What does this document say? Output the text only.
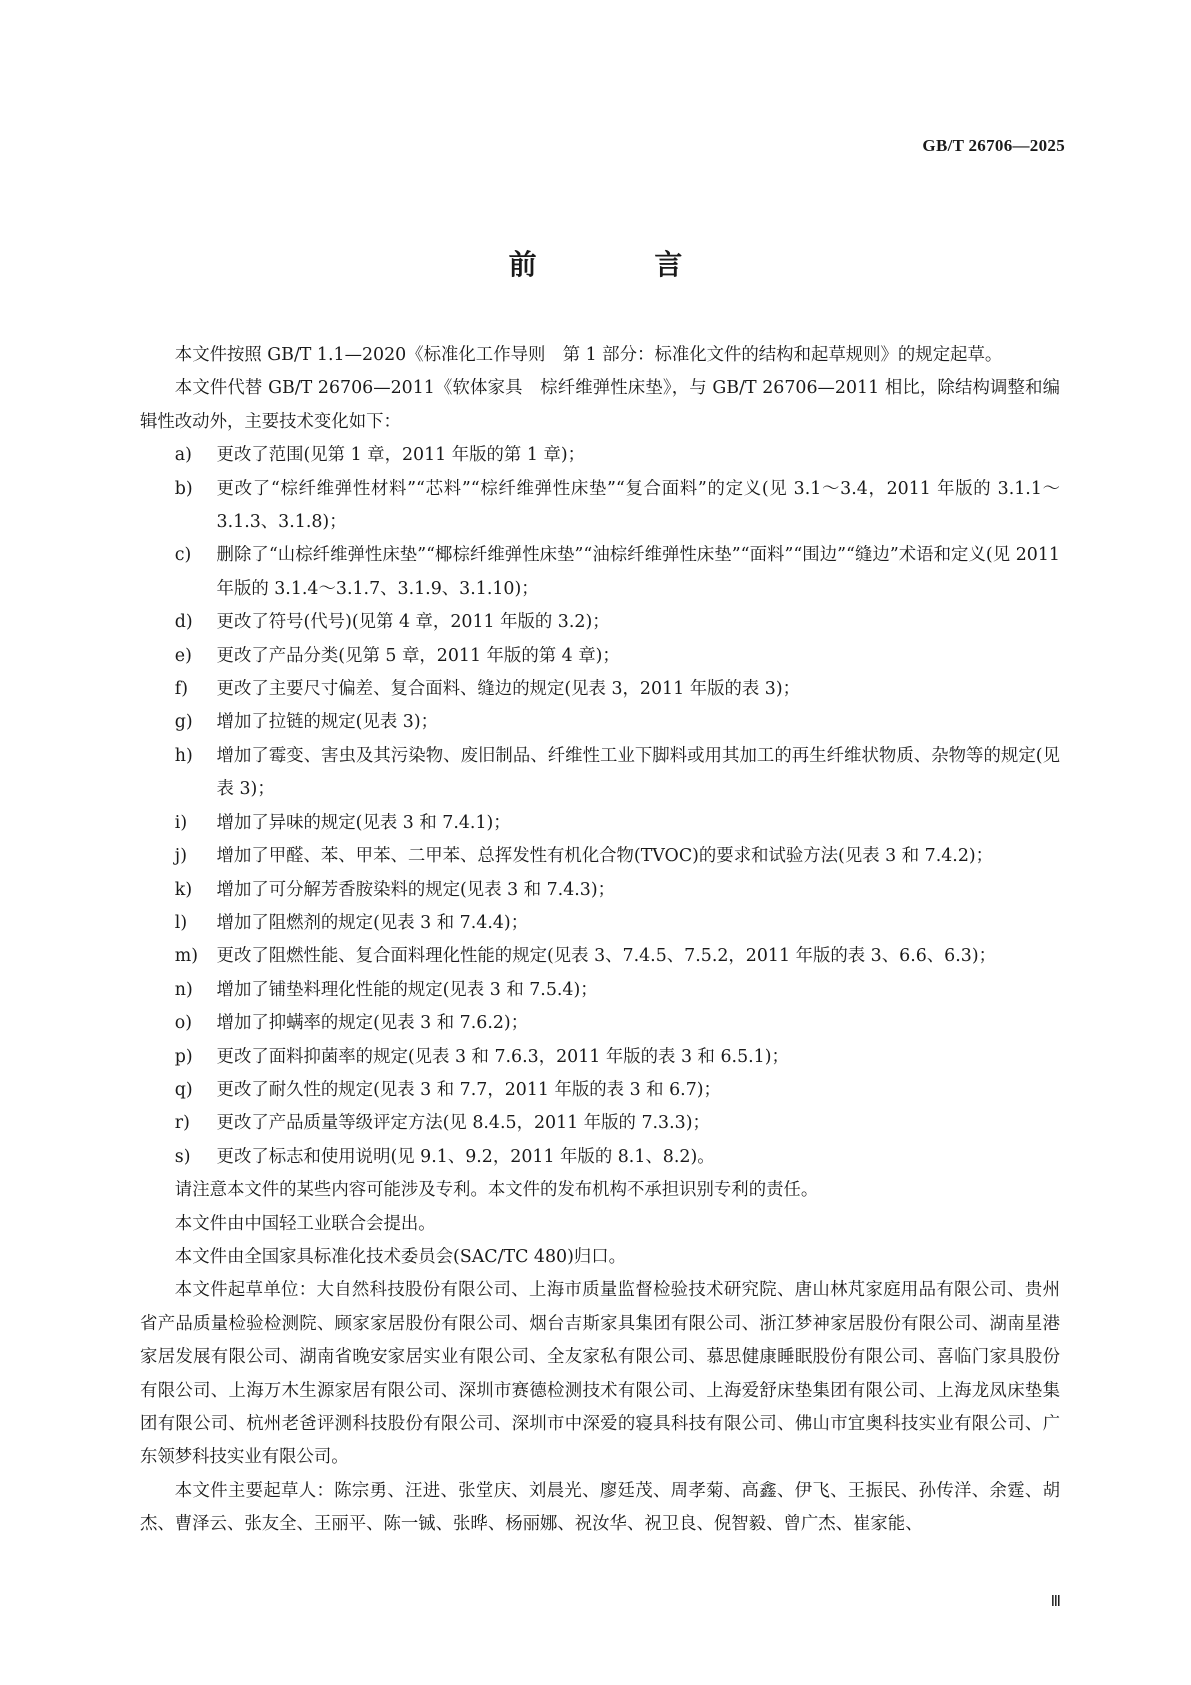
GB/T 26706—2025
前 言

本文件按照 GB/T 1.1—2020《标准化工作导则　第 1 部分：标准化文件的结构和起草规则》的规定起草。

本文件代替 GB/T 26706—2011《软体家具　棕纤维弹性床垫》，与 GB/T 26706—2011 相比，除结构调整和编辑性改动外，主要技术变化如下：

a)	更改了范围(见第 1 章，2011 年版的第 1 章)；
b)	更改了“棕纤维弹性材料”“芯料”“棕纤维弹性床垫”“复合面料”的定义(见 3.1～3.4，2011 年版的 3.1.1～3.1.3、3.1.8)；
c)	删除了“山棕纤维弹性床垫”“椰棕纤维弹性床垫”“油棕纤维弹性床垫”“面料”“围边”“缝边”术语和定义(见 2011 年版的 3.1.4～3.1.7、3.1.9、3.1.10)；
d)	更改了符号(代号)(见第 4 章，2011 年版的 3.2)；
e)	更改了产品分类(见第 5 章，2011 年版的第 4 章)；
f)	更改了主要尺寸偏差、复合面料、缝边的规定(见表 3，2011 年版的表 3)；
g)	增加了拉链的规定(见表 3)；
h)	增加了霉变、害虫及其污染物、废旧制品、纤维性工业下脚料或用其加工的再生纤维状物质、杂物等的规定(见表 3)；
i)	增加了异味的规定(见表 3 和 7.4.1)；
j)	增加了甲醛、苯、甲苯、二甲苯、总挥发性有机化合物(TVOC)的要求和试验方法(见表 3 和 7.4.2)；
k)	增加了可分解芳香胺染料的规定(见表 3 和 7.4.3)；
l)	增加了阻燃剂的规定(见表 3 和 7.4.4)；
m)	更改了阻燃性能、复合面料理化性能的规定(见表 3、7.4.5、7.5.2，2011 年版的表 3、6.6、6.3)；
n)	增加了铺垫料理化性能的规定(见表 3 和 7.5.4)；
o)	增加了抑螨率的规定(见表 3 和 7.6.2)；
p)	更改了面料抑菌率的规定(见表 3 和 7.6.3，2011 年版的表 3 和 6.5.1)；
q)	更改了耐久性的规定(见表 3 和 7.7，2011 年版的表 3 和 6.7)；
r)	更改了产品质量等级评定方法(见 8.4.5，2011 年版的 7.3.3)；
s)	更改了标志和使用说明(见 9.1、9.2，2011 年版的 8.1、8.2)。

请注意本文件的某些内容可能涉及专利。本文件的发布机构不承担识别专利的责任。

本文件由中国轻工业联合会提出。

本文件由全国家具标准化技术委员会(SAC/TC 480)归口。

本文件起草单位：大自然科技股份有限公司、上海市质量监督检验技术研究院、唐山林芃家庭用品有限公司、贵州省产品质量检验检测院、顾家家居股份有限公司、烟台吉斯家具集团有限公司、浙江梦神家居股份有限公司、湖南星港家居发展有限公司、湖南省晚安家居实业有限公司、全友家私有限公司、慕思健康睡眠股份有限公司、喜临门家具股份有限公司、上海万木生源家居有限公司、深圳市赛德检测技术有限公司、上海爱舒床垫集团有限公司、上海龙凤床垫集团有限公司、杭州老爸评测科技股份有限公司、深圳市中深爱的寝具科技有限公司、佛山市宜奥科技实业有限公司、广东领梦科技实业有限公司。

本文件主要起草人：陈宗勇、汪进、张堂庆、刘晨光、廖廷茂、周孝菊、高鑫、伊飞、王振民、孙传洋、余霆、胡杰、曹泽云、张友全、王丽平、陈一铖、张晔、杨丽娜、祝汝华、祝卫良、倪智毅、曾广杰、崔家能、

Ⅲ
